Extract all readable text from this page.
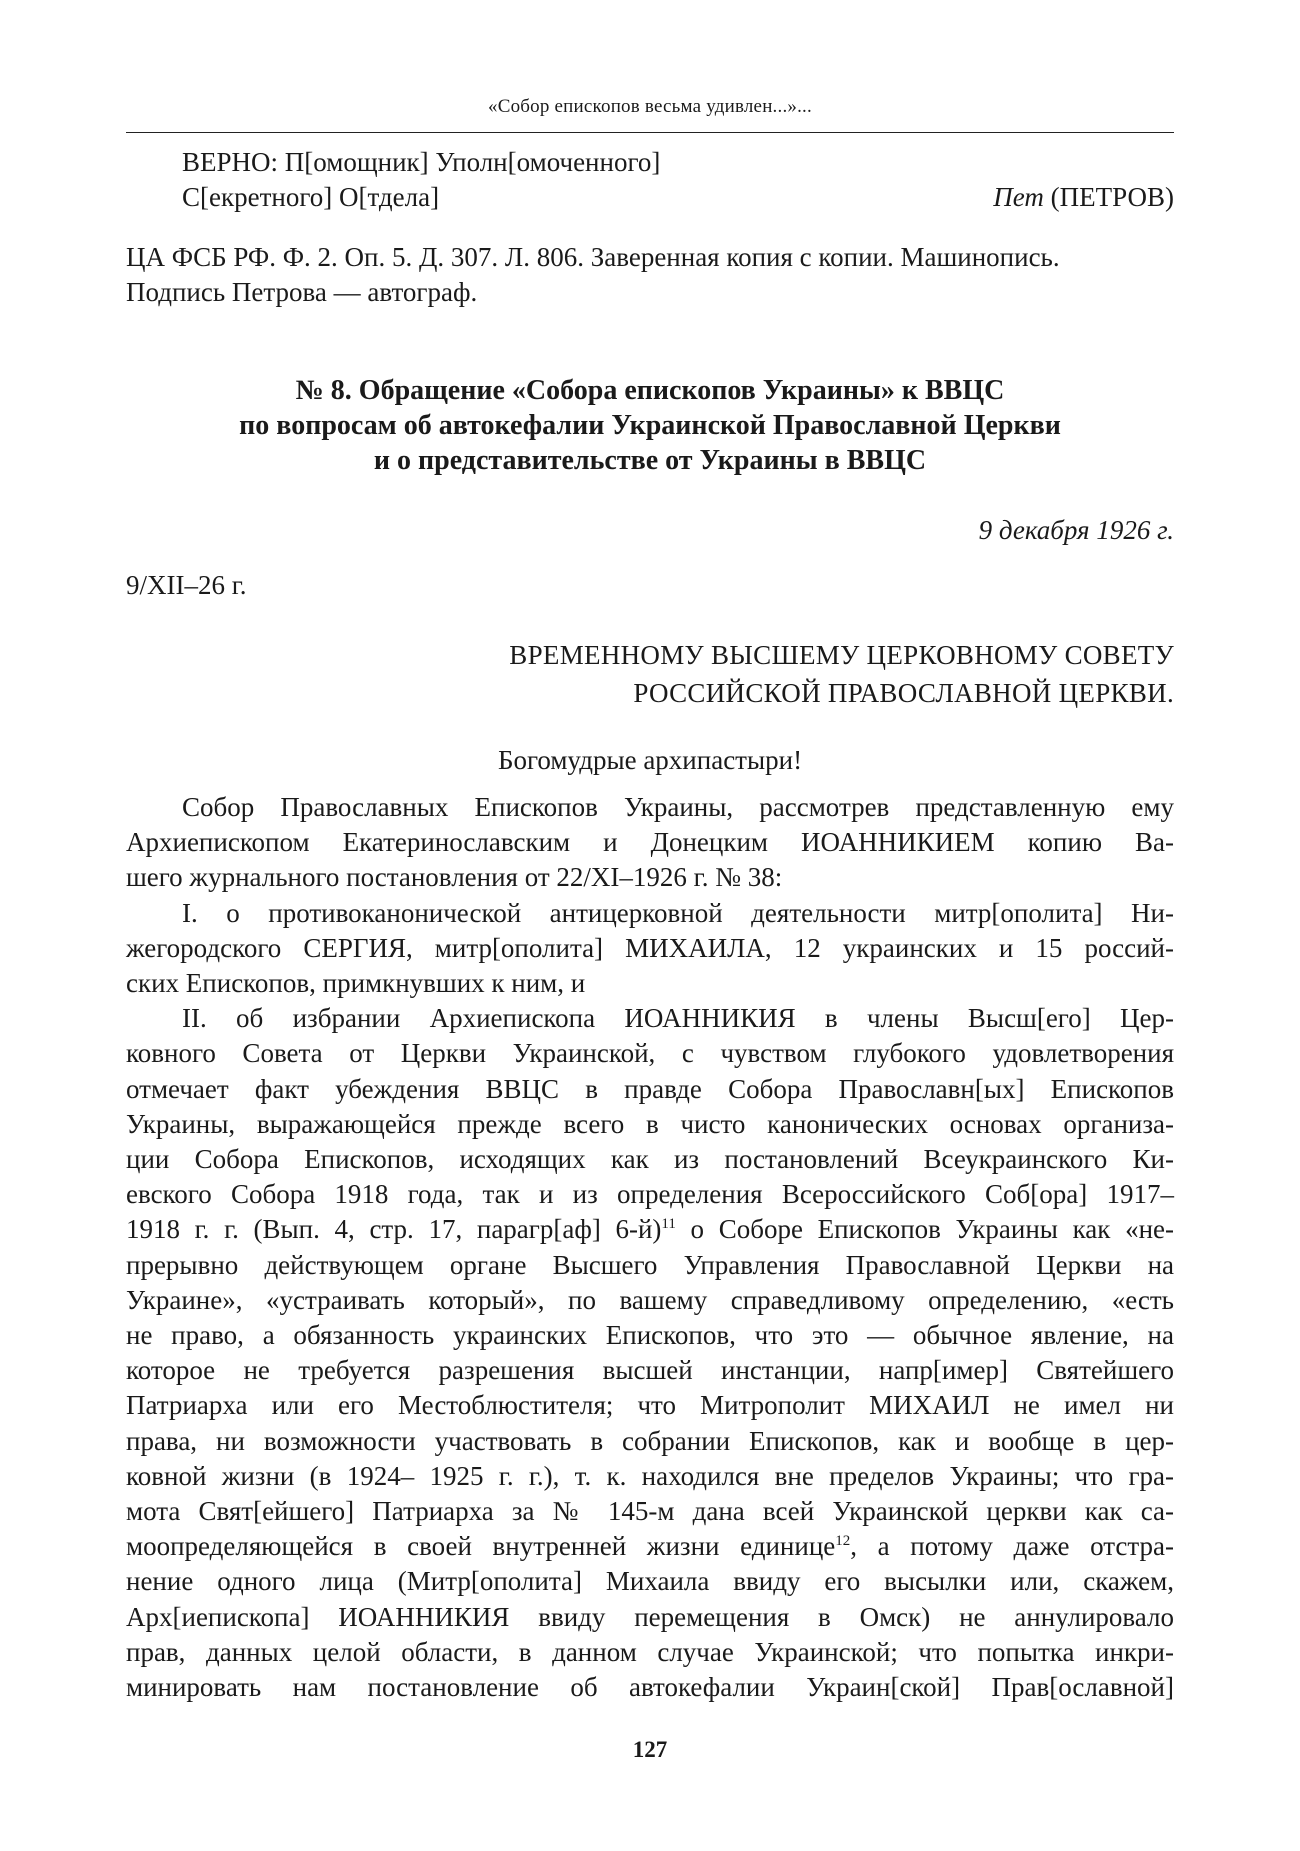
«Собор епископов весьма удивлен...»...
ВЕРНО: П[омощник] Уполн[омоченного]
С[екретного] О[тдела]	Пет (ПЕТРОВ)
ЦА ФСБ РФ. Ф. 2. Оп. 5. Д. 307. Л. 806. Заверенная копия с копии. Машинопись.
Подпись Петрова — автограф.
№ 8. Обращение «Собора епископов Украины» к ВВЦС
по вопросам об автокефалии Украинской Православной Церкви
и о представительстве от Украины в ВВЦС
9 декабря 1926 г.
9/XII–26 г.
ВРЕМЕННОМУ ВЫСШЕМУ ЦЕРКОВНОМУ СОВЕТУ
РОССИЙСКОЙ ПРАВОСЛАВНОЙ ЦЕРКВИ.
Богомудрые архипастыри!
Собор Православных Епископов Украины, рассмотрев представленную ему
Архиепископом Екатеринославским и Донецким ИОАННИКИЕМ копию Ва-
шего журнального постановления от 22/XI–1926 г. № 38:
I. о противоканонической антицерковной деятельности митр[ополита] Ни-
жегородского СЕРГИЯ, митр[ополита] МИХАИЛА, 12 украинских и 15 россий-
ских Епископов, примкнувших к ним, и
II. об избрании Архиепископа ИОАННИКИЯ в члены Высш[его] Цер-
ковного Совета от Церкви Украинской, с чувством глубокого удовлетворения
отмечает факт убеждения ВВЦС в правде Собора Православн[ых] Епископов
Украины, выражающейся прежде всего в чисто канонических основах организа-
ции Собора Епископов, исходящих как из постановлений Всеукраинского Ки-
евского Собора 1918 года, так и из определения Всероссийского Соб[ора] 1917–
1918 г. г. (Вып. 4, стр. 17, парагр[аф] 6-й)$^{11}$ о Соборе Епископов Украины как «не-
прерывно действующем органе Высшего Управления Православной Церкви на
Украине», «устраивать который», по вашему справедливому определению, «есть
не право, а обязанность украинских Епископов, что это — обычное явление, на
которое не требуется разрешения высшей инстанции, напр[имер] Святейшего
Патриарха или его Местоблюстителя; что Митрополит МИХАИЛ не имел ни
права, ни возможности участвовать в собрании Епископов, как и вообще в цер-
ковной жизни (в 1924– 1925 г. г.), т. к. находился вне пределов Украины; что гра-
мота Свят[ейшего] Патриарха за № 145-м дана всей Украинской церкви как са-
моопределяющейся в своей внутренней жизни единице$^{12}$, а потому даже отстра-
нение одного лица (Митр[ополита] Михаила ввиду его высылки или, скажем,
Арх[иепископа] ИОАННИКИЯ ввиду перемещения в Омск) не аннулировало
прав, данных целой области, в данном случае Украинской; что попытка инкри-
минировать нам постановление об автокефалии Украин[ской] Прав[ославной]
127
